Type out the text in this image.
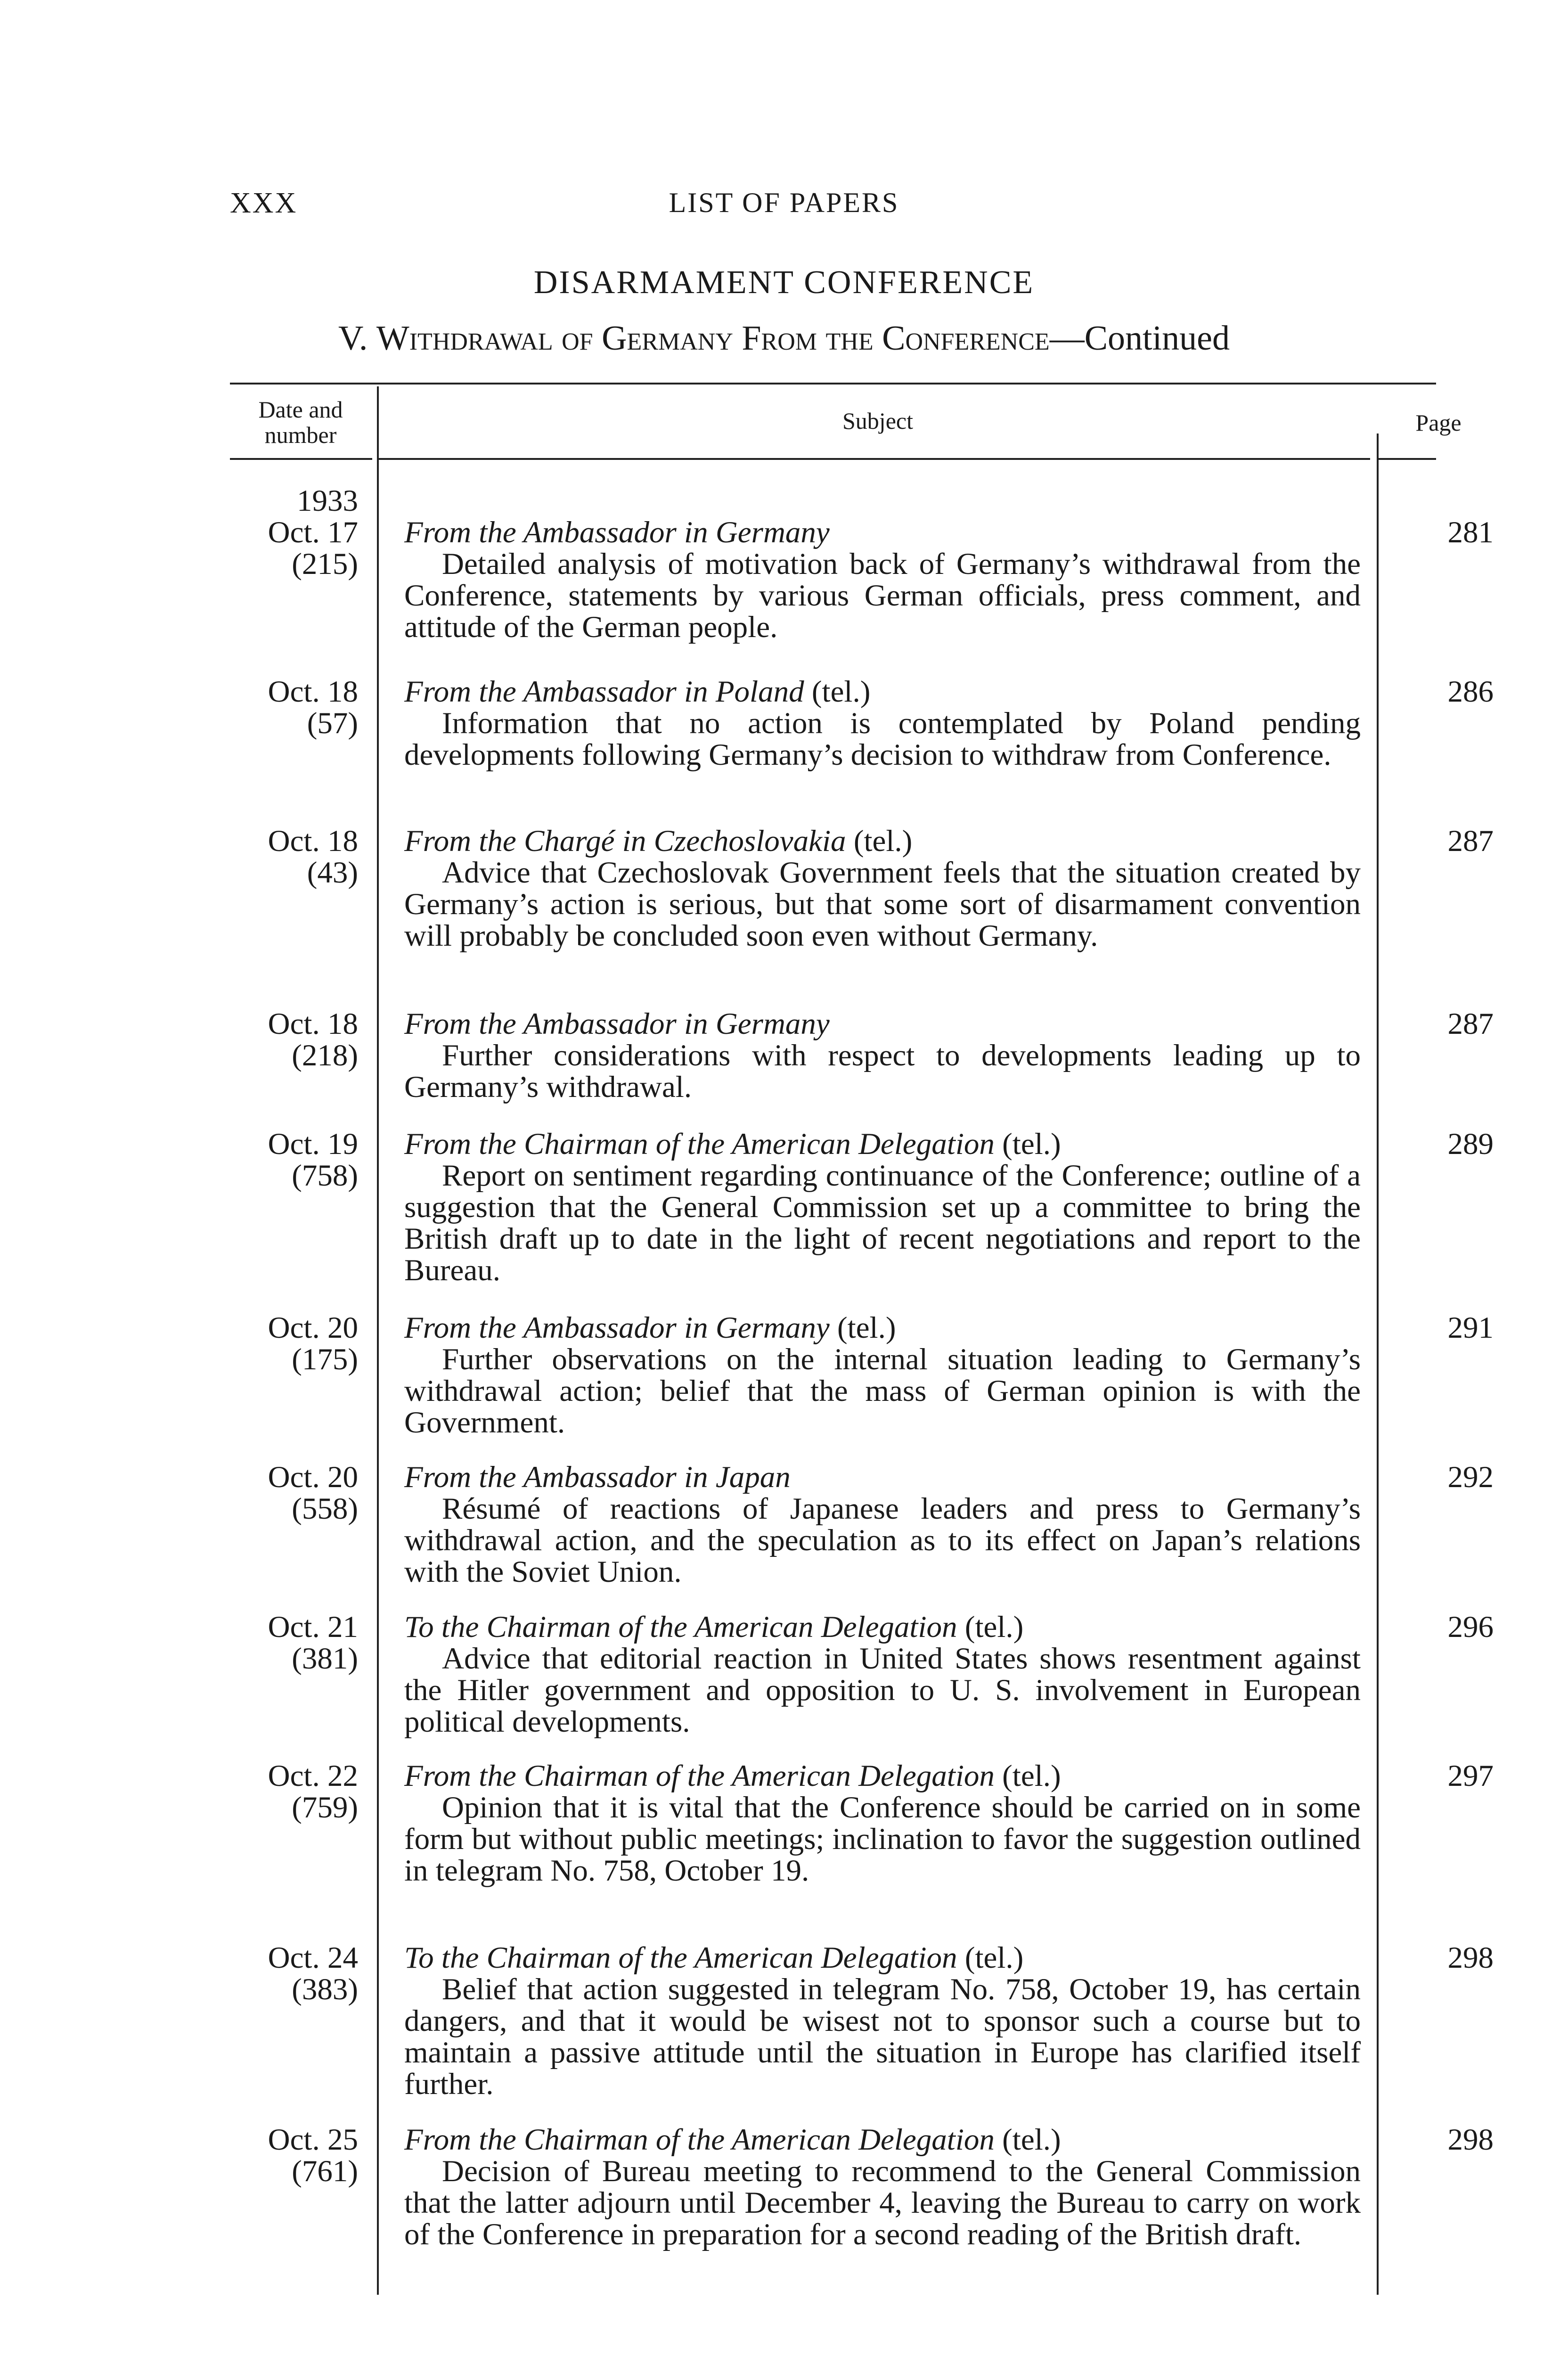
XXX	LIST OF PAPERS
DISARMAMENT CONFERENCE
V. Withdrawal of Germany From the Conference—Continued
Date and number
Subject	Page
1933
Oct. 17
(215)
From the Ambassador in Germany
Detailed analysis of motivation back of Germany’s withdrawal from the Conference, statements by various German officials, press comment, and attitude of the German people.
281
Oct. 18
(57)
From the Ambassador in Poland (tel.)
Information that no action is contemplated by Poland pending developments following Germany’s decision to withdraw from Conference.
286
Oct. 18
(43)
From the Chargé in Czechoslovakia (tel.)
Advice that Czechoslovak Government feels that the situation created by Germany’s action is serious, but that some sort of disarmament convention will probably be concluded soon even without Germany.
287
Oct. 18
(218)
From the Ambassador in Germany
Further considerations with respect to developments leading up to Germany’s withdrawal.
287
Oct. 19
(758)
From the Chairman of the American Delegation (tel.)
Report on sentiment regarding continuance of the Conference; outline of a suggestion that the General Commission set up a committee to bring the British draft up to date in the light of recent negotiations and report to the Bureau.
289
Oct. 20
(175)
From the Ambassador in Germany (tel.)
Further observations on the internal situation leading to Germany’s withdrawal action; belief that the mass of German opinion is with the Government.
291
Oct. 20
(558)
From the Ambassador in Japan
Résumé of reactions of Japanese leaders and press to Germany’s withdrawal action, and the speculation as to its effect on Japan’s relations with the Soviet Union.
292
Oct. 21
(381)
To the Chairman of the American Delegation (tel.)
Advice that editorial reaction in United States shows resentment against the Hitler government and opposition to U. S. involvement in European political developments.
296
Oct. 22
(759)
From the Chairman of the American Delegation (tel.)
Opinion that it is vital that the Conference should be carried on in some form but without public meetings; inclination to favor the suggestion outlined in telegram No. 758, October 19.
297
Oct. 24
(383)
To the Chairman of the American Delegation (tel.)
Belief that action suggested in telegram No. 758, October 19, has certain dangers, and that it would be wisest not to sponsor such a course but to maintain a passive attitude until the situation in Europe has clarified itself further.
298
Oct. 25
(761)
From the Chairman of the American Delegation (tel.)
Decision of Bureau meeting to recommend to the General Commission that the latter adjourn until December 4, leaving the Bureau to carry on work of the Conference in preparation for a second reading of the British draft.
298
